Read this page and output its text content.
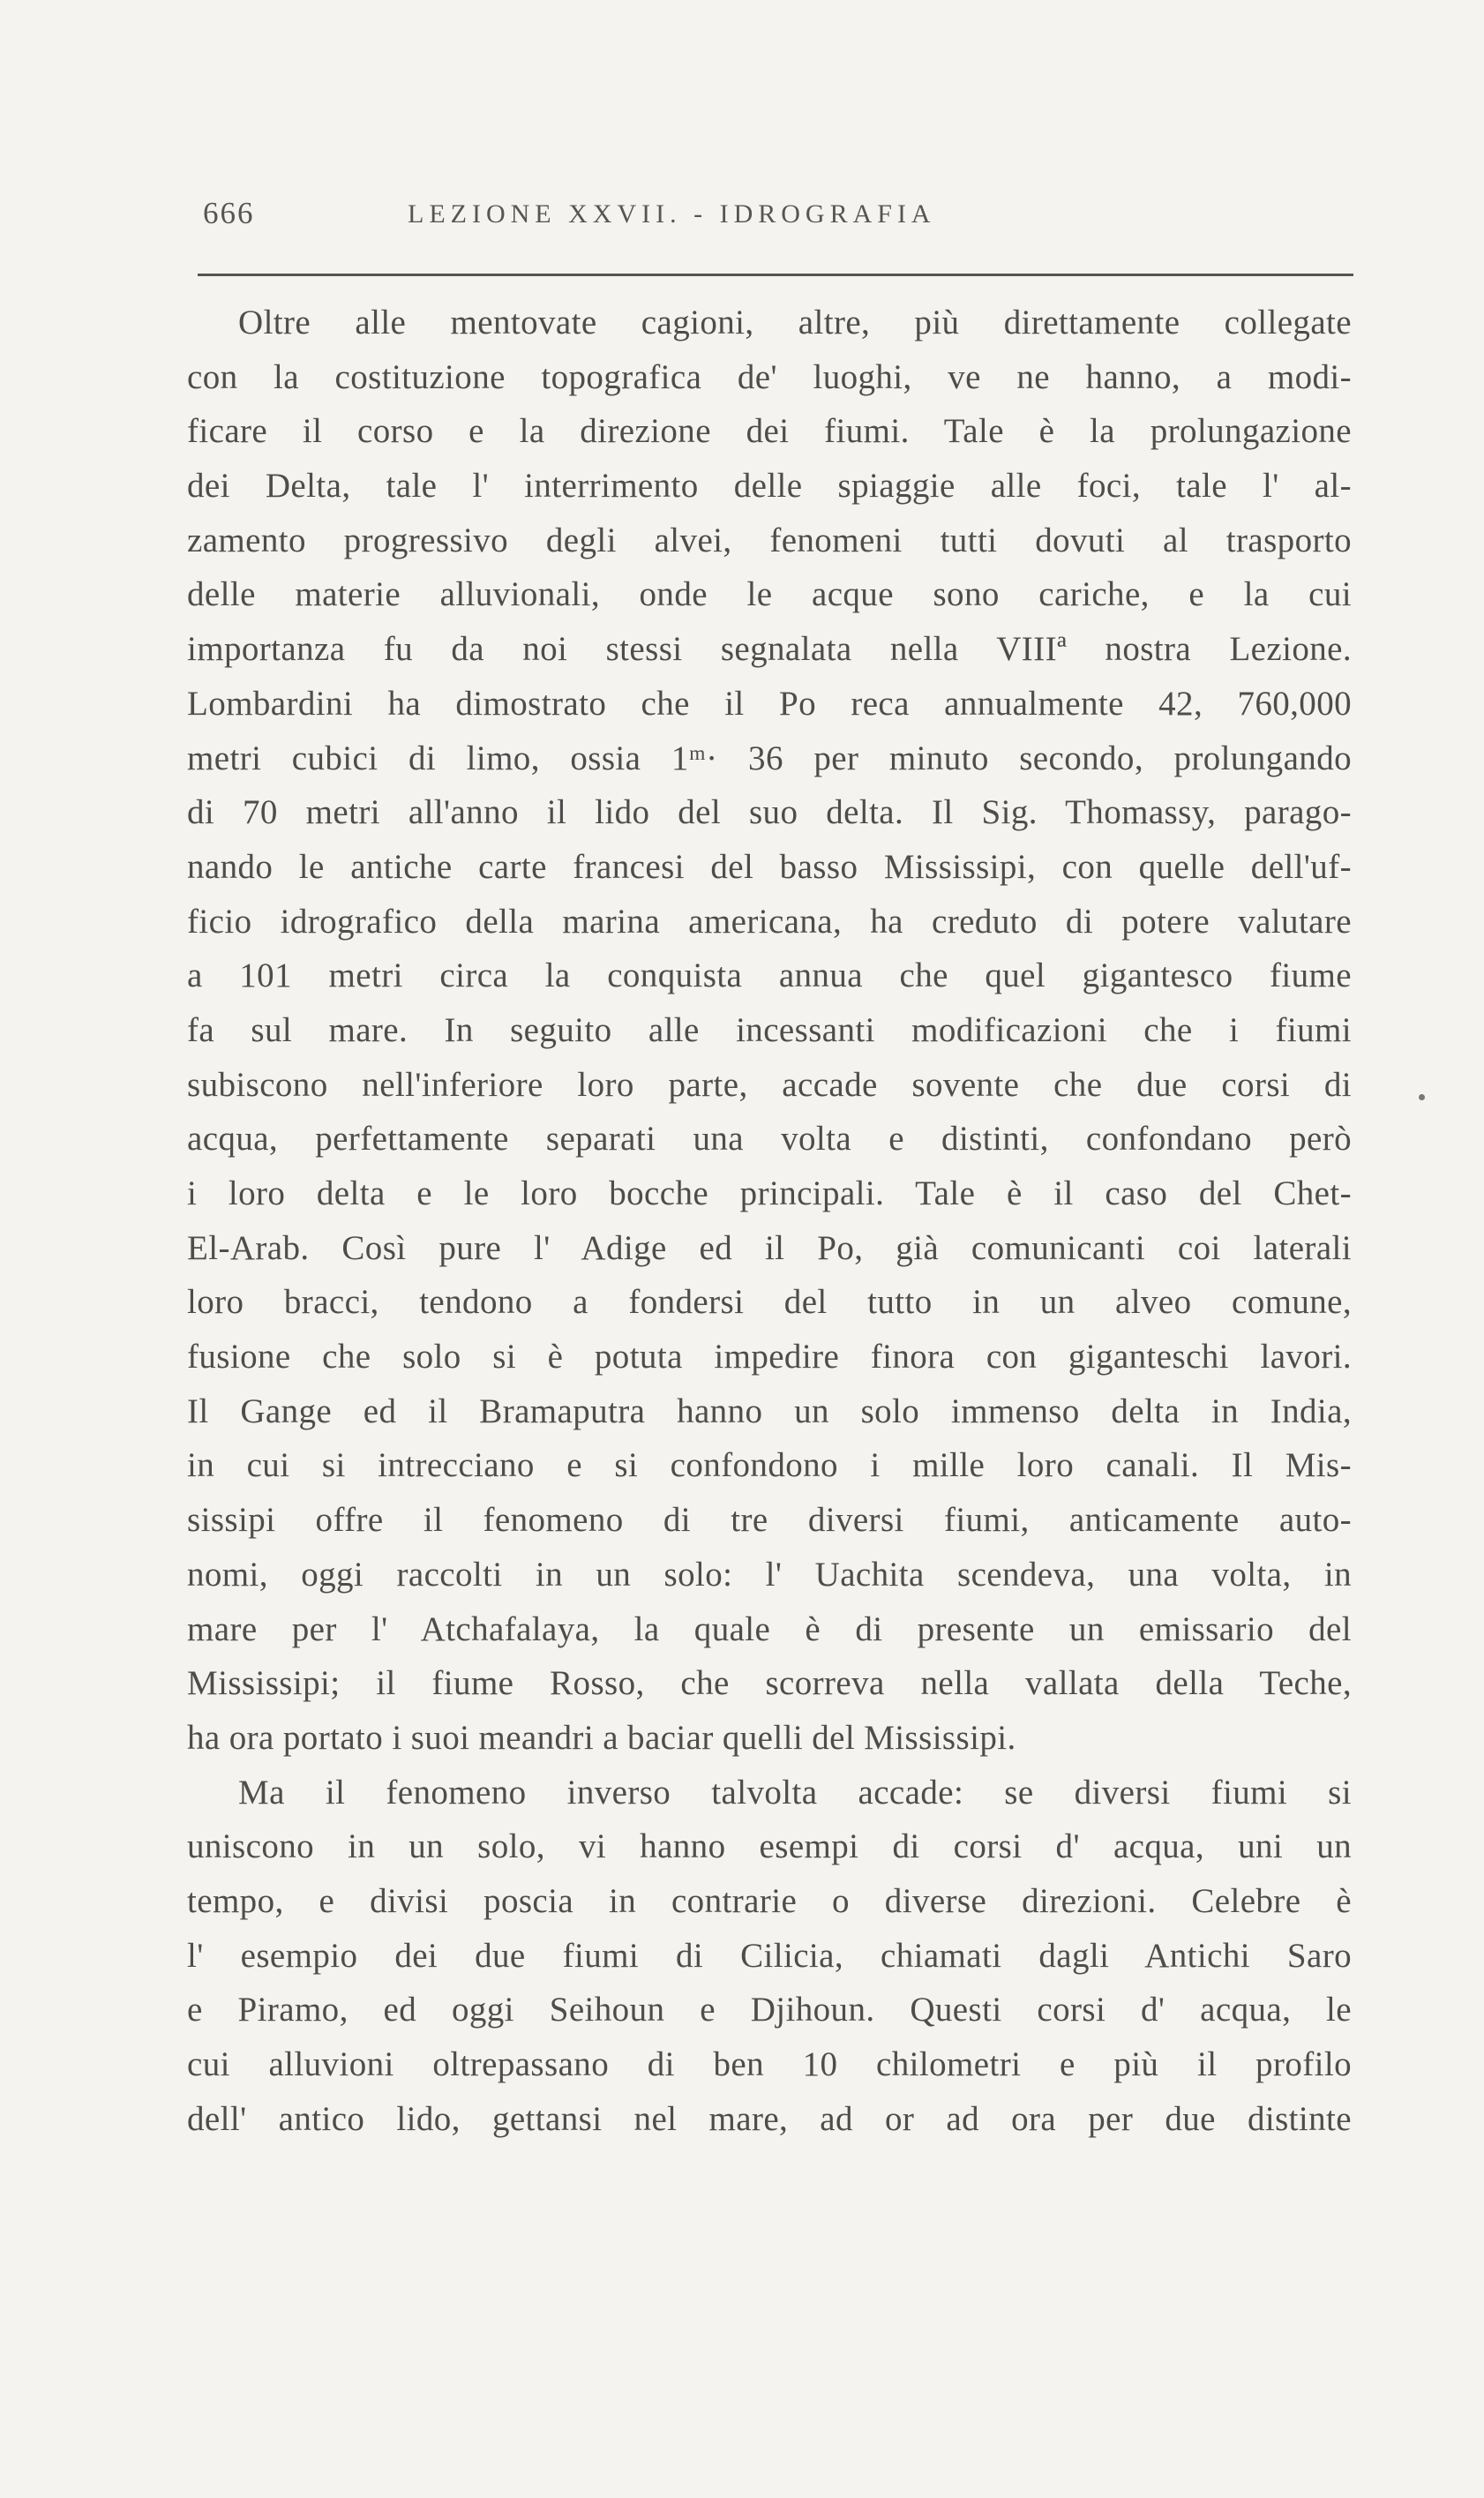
666	LEZIONE XXVII. - IDROGRAFIA
Oltre alle mentovate cagioni, altre, più direttamente collegate
con la costituzione topografica de' luoghi, ve ne hanno, a modi-
ficare il corso e la direzione dei fiumi. Tale è la prolungazione
dei Delta, tale l' interrimento delle spiaggie alle foci, tale l' al-
zamento progressivo degli alvei, fenomeni tutti dovuti al trasporto
delle materie alluvionali, onde le acque sono cariche, e la cui
importanza fu da noi stessi segnalata nella VIIIª nostra Lezione.
Lombardini ha dimostrato che il Po reca annualmente 42, 760,000
metri cubici di limo, ossia 1ᵐ· 36 per minuto secondo, prolungando
di 70 metri all'anno il lido del suo delta. Il Sig. Thomassy, parago-
nando le antiche carte francesi del basso Mississipi, con quelle dell'uf-
ficio idrografico della marina americana, ha creduto di potere valutare
a 101 metri circa la conquista annua che quel gigantesco fiume
fa sul mare. In seguito alle incessanti modificazioni che i fiumi
subiscono nell'inferiore loro parte, accade sovente che due corsi di
acqua, perfettamente separati una volta e distinti, confondano però
i loro delta e le loro bocche principali. Tale è il caso del Chet-
El-Arab. Così pure l' Adige ed il Po, già comunicanti coi laterali
loro bracci, tendono a fondersi del tutto in un alveo comune,
fusione che solo si è potuta impedire finora con giganteschi lavori.
Il Gange ed il Bramaputra hanno un solo immenso delta in India,
in cui si intrecciano e si confondono i mille loro canali. Il Mis-
sissipi offre il fenomeno di tre diversi fiumi, anticamente auto-
nomi, oggi raccolti in un solo: l' Uachita scendeva, una volta, in
mare per l' Atchafalaya, la quale è di presente un emissario del
Mississipi; il fiume Rosso, che scorreva nella vallata della Teche,
ha ora portato i suoi meandri a baciar quelli del Mississipi.
Ma il fenomeno inverso talvolta accade: se diversi fiumi si
uniscono in un solo, vi hanno esempi di corsi d' acqua, uni un
tempo, e divisi poscia in contrarie o diverse direzioni. Celebre è
l' esempio dei due fiumi di Cilicia, chiamati dagli Antichi Saro
e Piramo, ed oggi Seihoun e Djihoun. Questi corsi d' acqua, le
cui alluvioni oltrepassano di ben 10 chilometri e più il profilo
dell' antico lido, gettansi nel mare, ad or ad ora per due distinte
